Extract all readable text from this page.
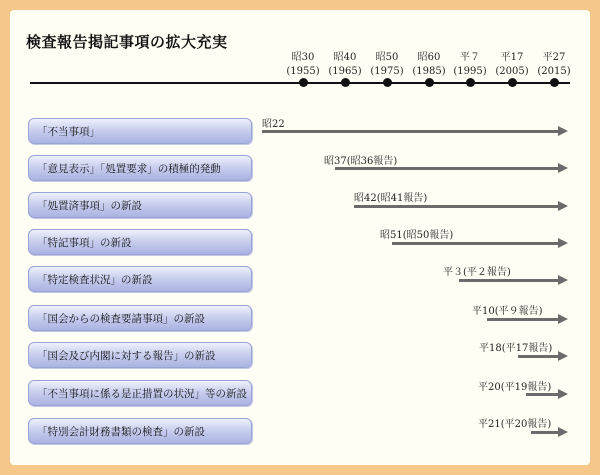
検査報告掲記事項の拡大充実
昭30
(1955)
昭40
(1965)
昭50
(1975)
昭60
(1985)
平７
(1995)
平17
(2005)
平27
(2015)
「不当事項」
昭22
「意見表示」「処置要求」の積極的発動
昭37(昭36報告)
「処置済事項」の新設
昭42(昭41報告)
「特記事項」の新設
昭51(昭50報告)
「特定検査状況」の新設
平３(平２報告)
「国会からの検査要請事項」の新設
平10(平９報告)
「国会及び内閣に対する報告」の新設
平18(平17報告)
「不当事項に係る是正措置の状況」等の新設
平20(平19報告)
「特別会計財務書類の検査」の新設
平21(平20報告)
